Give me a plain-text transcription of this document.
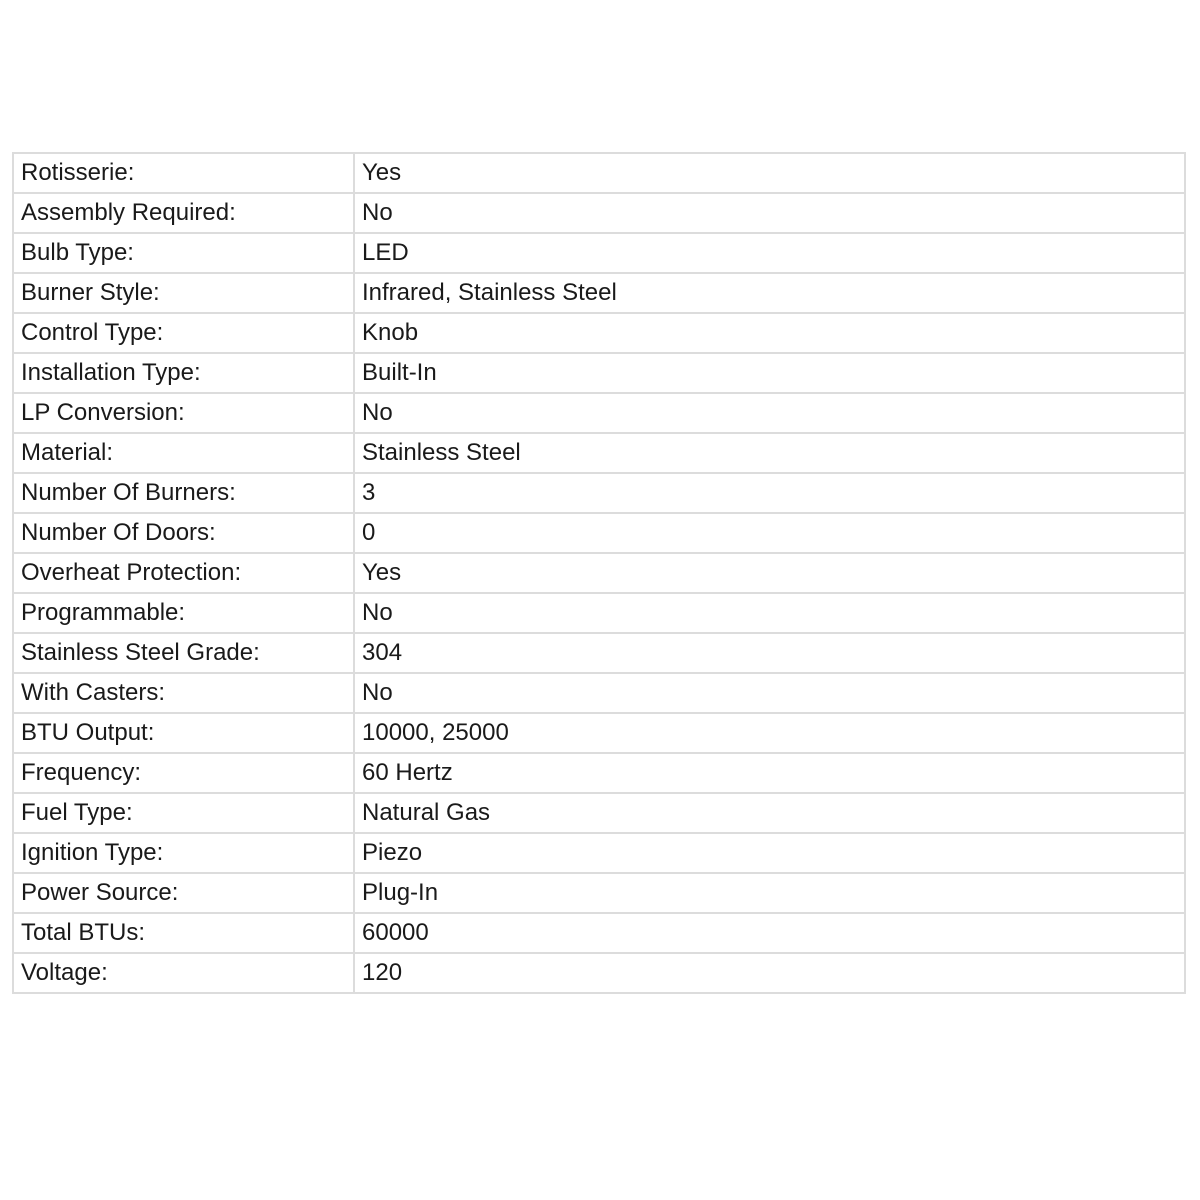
Rotisserie:	Yes
Assembly Required:	No
Bulb Type:	LED
Burner Style:	Infrared, Stainless Steel
Control Type:	Knob
Installation Type:	Built-In
LP Conversion:	No
Material:	Stainless Steel
Number Of Burners:	3
Number Of Doors:	0
Overheat Protection:	Yes
Programmable:	No
Stainless Steel Grade:	304
With Casters:	No
BTU Output:	10000, 25000
Frequency:	60 Hertz
Fuel Type:	Natural Gas
Ignition Type:	Piezo
Power Source:	Plug-In
Total BTUs:	60000
Voltage:	120
